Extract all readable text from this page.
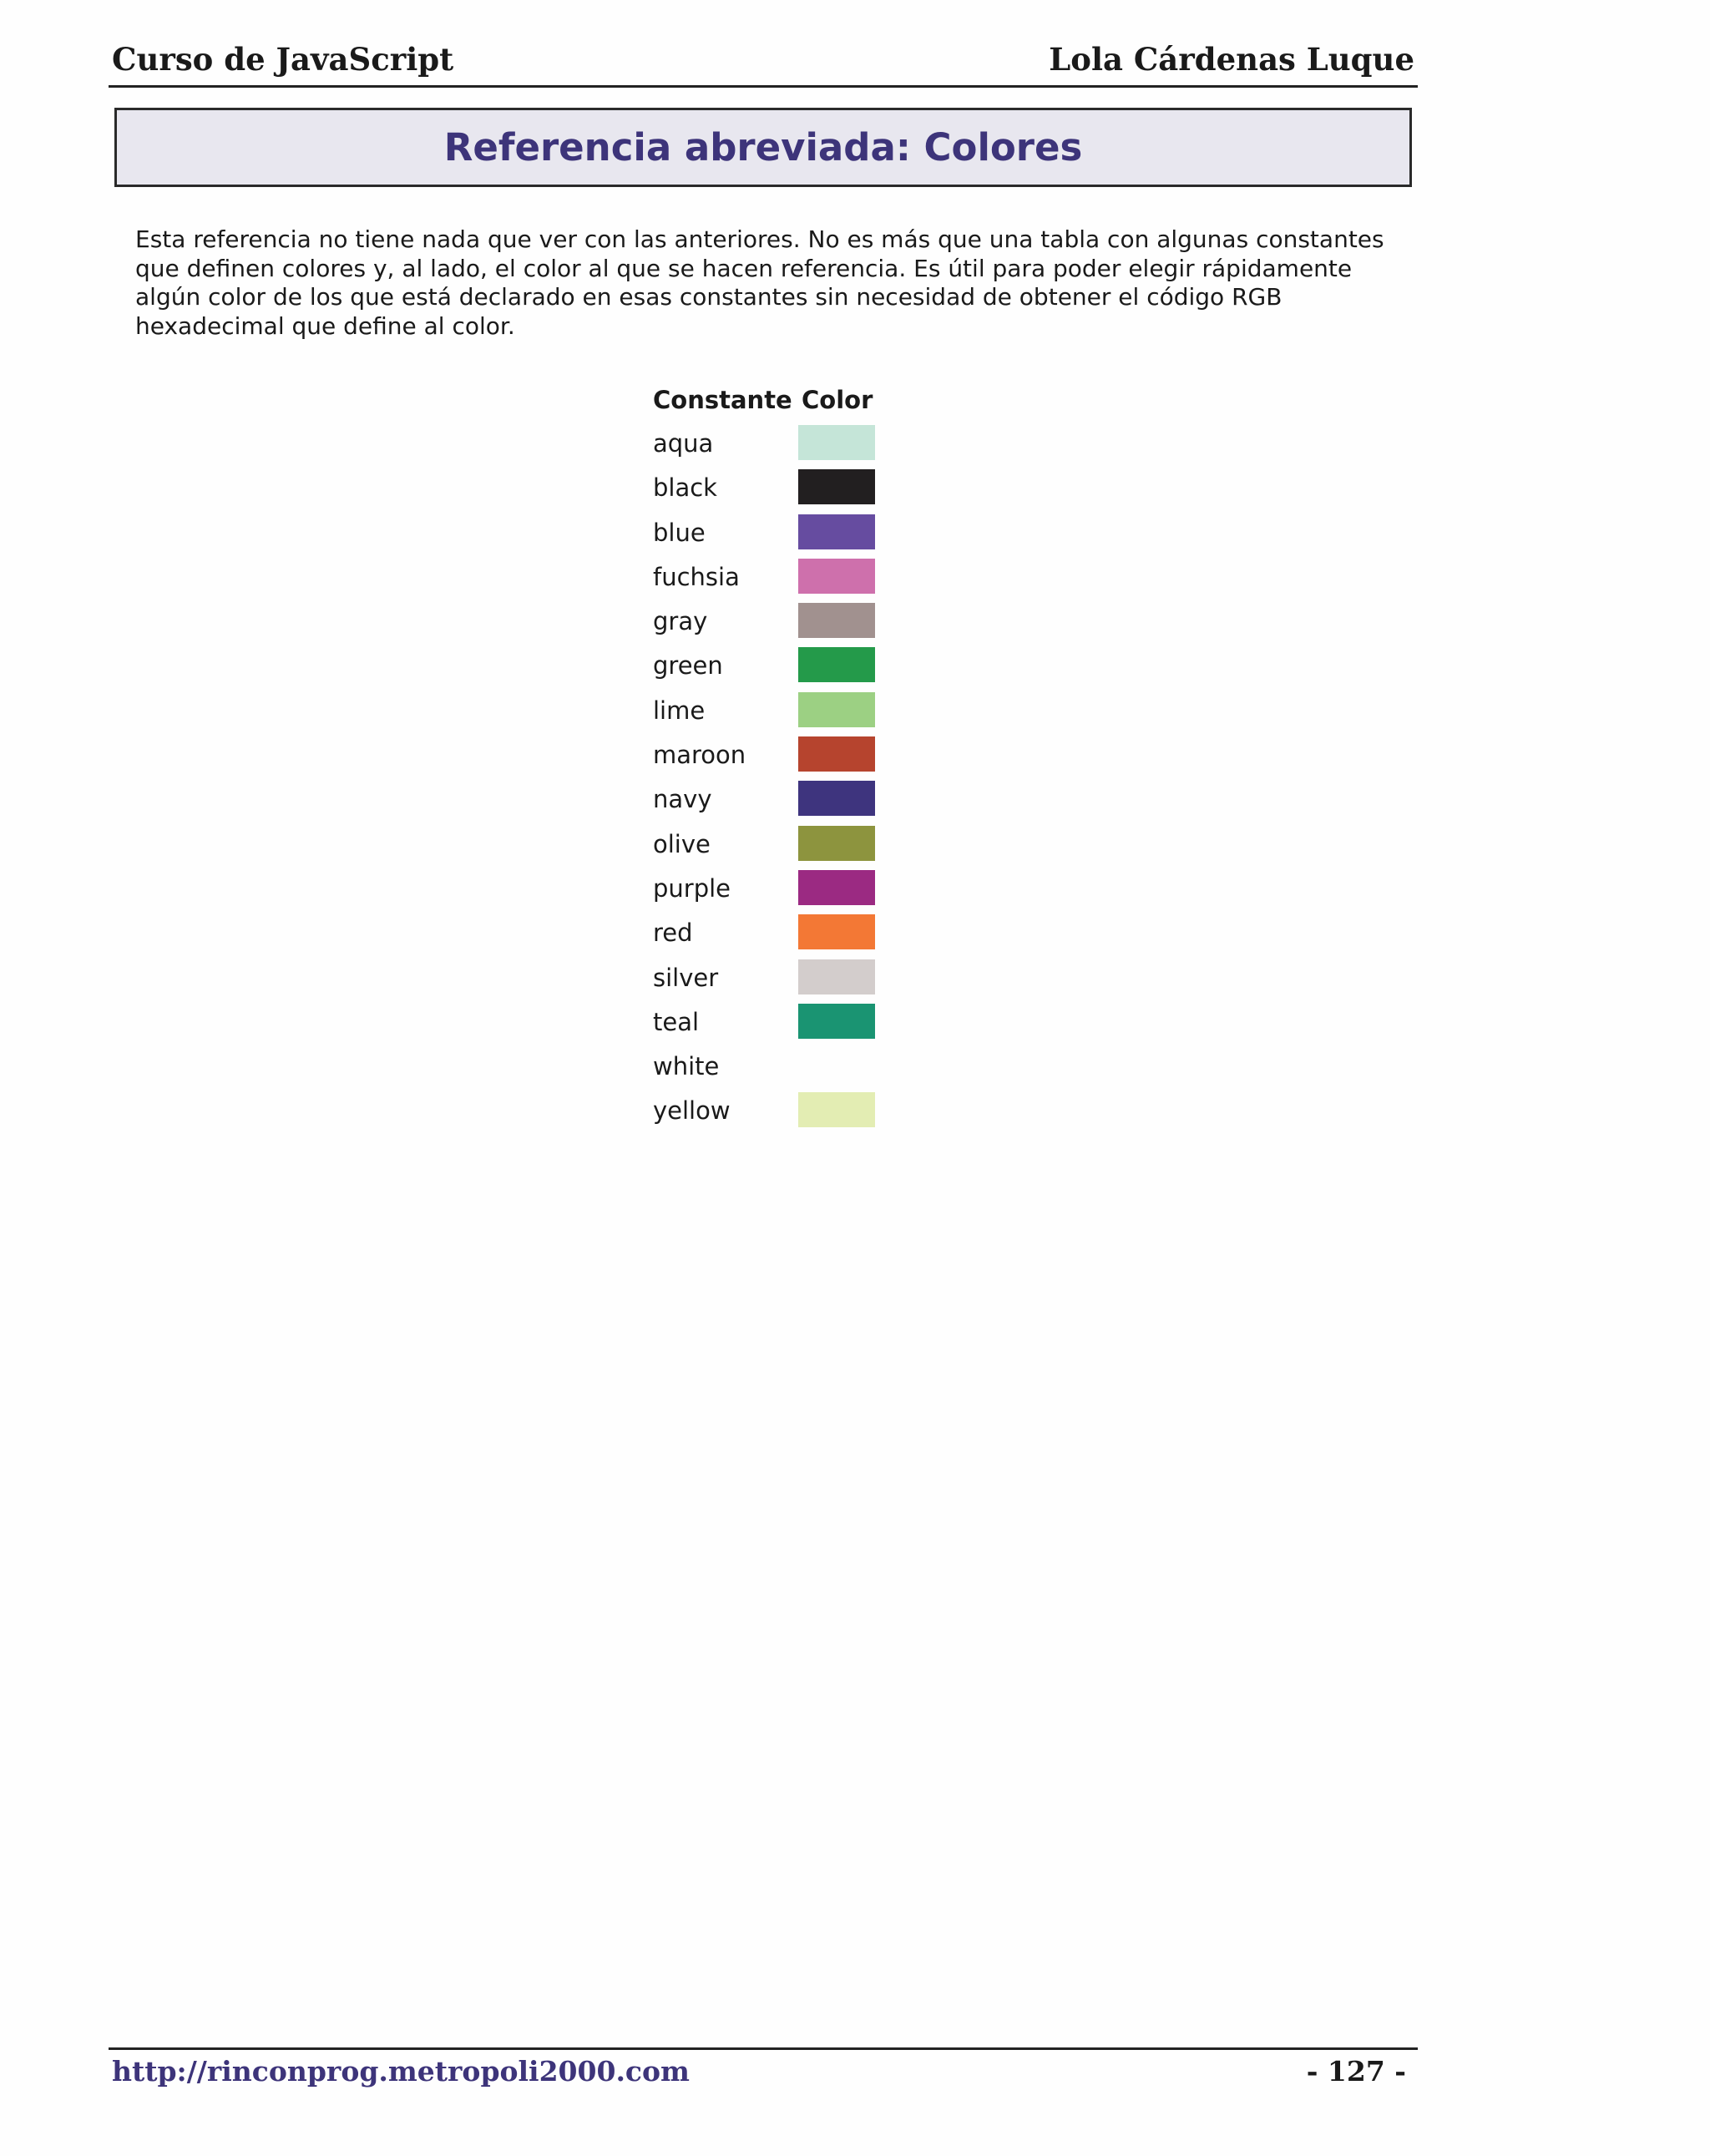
Curso de JavaScript	Lola Cárdenas Luque
Referencia abreviada: Colores

Esta referencia no tiene nada que ver con las anteriores. No es más que una tabla con algunas constantes que definen colores y, al lado, el color al que se hacen referencia. Es útil para poder elegir rápidamente algún color de los que está declarado en esas constantes sin necesidad de obtener el código RGB hexadecimal que define al color.

Constante Color
aqua
black
blue
fuchsia
gray
green
lime
maroon
navy
olive
purple
red
silver
teal
white
yellow
http://rinconprog.metropoli2000.com	- 127 -
